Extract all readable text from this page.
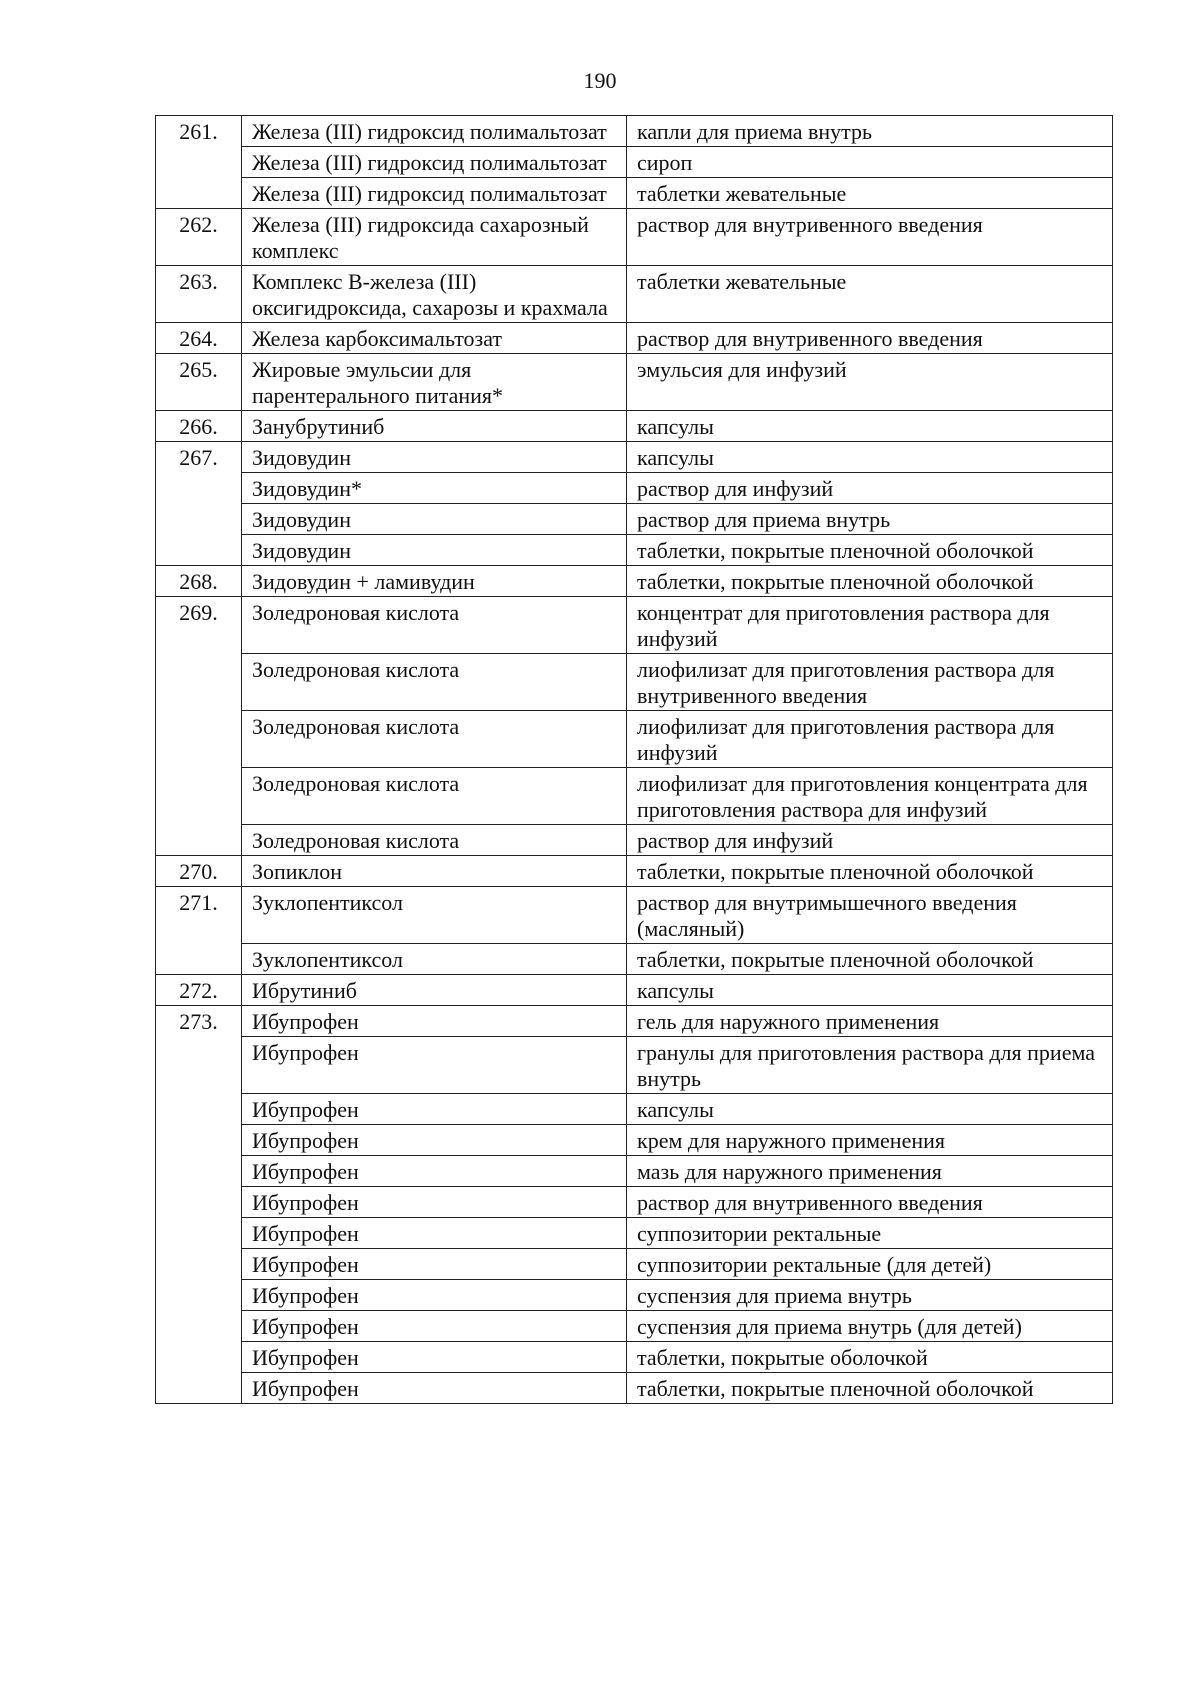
190
261.	Железа (III) гидроксид полимальтозат	капли для приема внутрь
	Железа (III) гидроксид полимальтозат	сироп
	Железа (III) гидроксид полимальтозат	таблетки жевательные
262.	Железа (III) гидроксида сахарозный комплекс	раствор для внутривенного введения
263.	Комплекс В-железа (III) оксигидроксида, сахарозы и крахмала	таблетки жевательные
264.	Железа карбоксимальтозат	раствор для внутривенного введения
265.	Жировые эмульсии для парентерального питания*	эмульсия для инфузий
266.	Занубрутиниб	капсулы
267.	Зидовудин	капсулы
	Зидовудин*	раствор для инфузий
	Зидовудин	раствор для приема внутрь
	Зидовудин	таблетки, покрытые пленочной оболочкой
268.	Зидовудин + ламивудин	таблетки, покрытые пленочной оболочкой
269.	Золедроновая кислота	концентрат для приготовления раствора для инфузий
	Золедроновая кислота	лиофилизат для приготовления раствора для внутривенного введения
	Золедроновая кислота	лиофилизат для приготовления раствора для инфузий
	Золедроновая кислота	лиофилизат для приготовления концентрата для приготовления раствора для инфузий
	Золедроновая кислота	раствор для инфузий
270.	Зопиклон	таблетки, покрытые пленочной оболочкой
271.	Зуклопентиксол	раствор для внутримышечного введения (масляный)
	Зуклопентиксол	таблетки, покрытые пленочной оболочкой
272.	Ибрутиниб	капсулы
273.	Ибупрофен	гель для наружного применения
	Ибупрофен	гранулы для приготовления раствора для приема внутрь
	Ибупрофен	капсулы
	Ибупрофен	крем для наружного применения
	Ибупрофен	мазь для наружного применения
	Ибупрофен	раствор для внутривенного введения
	Ибупрофен	суппозитории ректальные
	Ибупрофен	суппозитории ректальные (для детей)
	Ибупрофен	суспензия для приема внутрь
	Ибупрофен	суспензия для приема внутрь (для детей)
	Ибупрофен	таблетки, покрытые оболочкой
	Ибупрофен	таблетки, покрытые пленочной оболочкой
